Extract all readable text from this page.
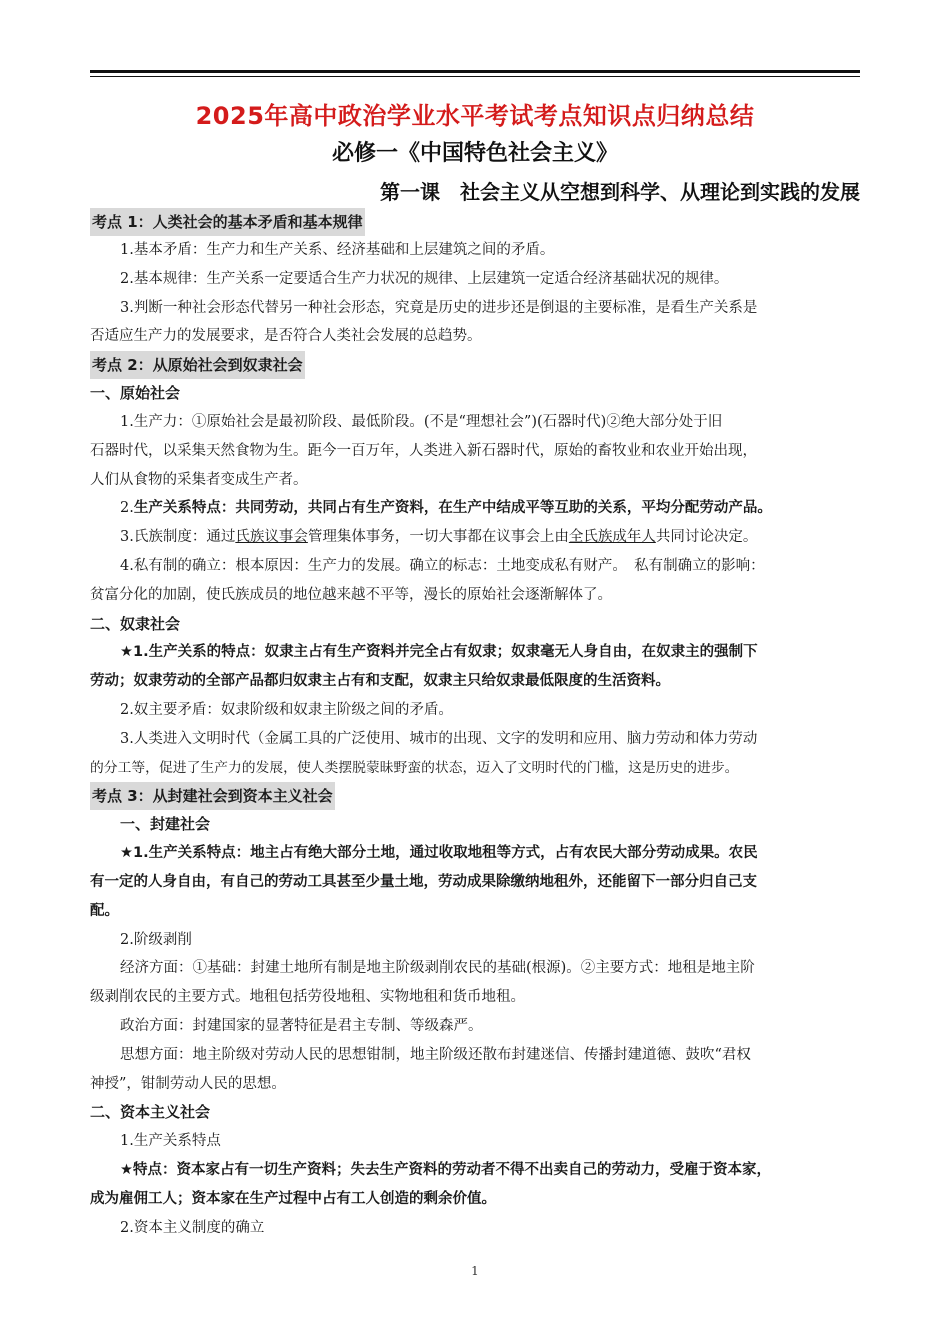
2025年高中政治学业水平考试考点知识点归纳总结
必修一《中国特色社会主义》
第一课　社会主义从空想到科学、从理论到实践的发展
考点 1：人类社会的基本矛盾和基本规律

1.基本矛盾：生产力和生产关系、经济基础和上层建筑之间的矛盾。

2.基本规律：生产关系一定要适合生产力状况的规律、上层建筑一定适合经济基础状况的规律。

3.判断一种社会形态代替另一种社会形态，究竟是历史的进步还是倒退的主要标准，是看生产关系是

否适应生产力的发展要求，是否符合人类社会发展的总趋势。

考点 2：从原始社会到奴隶社会

一、原始社会

1.生产力：①原始社会是最初阶段、最低阶段。(不是“理想社会”)(石器时代)②绝大部分处于旧

石器时代，以采集天然食物为生。距今一百万年，人类进入新石器时代，原始的畜牧业和农业开始出现，

人们从食物的采集者变成生产者。

2.生产关系特点：共同劳动，共同占有生产资料，在生产中结成平等互助的关系，平均分配劳动产品。

3.氏族制度：通过氏族议事会管理集体事务，一切大事都在议事会上由全氏族成年人共同讨论决定。

4.私有制的确立：根本原因：生产力的发展。确立的标志：土地变成私有财产。　私有制确立的影响：

贫富分化的加剧，使氏族成员的地位越来越不平等，漫长的原始社会逐渐解体了。

二、奴隶社会

★1.生产关系的特点：奴隶主占有生产资料并完全占有奴隶；奴隶毫无人身自由，在奴隶主的强制下

劳动；奴隶劳动的全部产品都归奴隶主占有和支配，奴隶主只给奴隶最低限度的生活资料。

2.奴主要矛盾：奴隶阶级和奴隶主阶级之间的矛盾。

3.人类进入文明时代（金属工具的广泛使用、城市的出现、文字的发明和应用、脑力劳动和体力劳动

的分工等，促进了生产力的发展，使人类摆脱蒙昧野蛮的状态，迈入了文明时代的门槛，这是历史的进步。

考点 3：从封建社会到资本主义社会

一、封建社会

★1.生产关系特点：地主占有绝大部分土地，通过收取地租等方式，占有农民大部分劳动成果。农民

有一定的人身自由，有自己的劳动工具甚至少量土地，劳动成果除缴纳地租外，还能留下一部分归自己支

配。

2.阶级剥削

经济方面：①基础：封建土地所有制是地主阶级剥削农民的基础(根源)。②主要方式：地租是地主阶

级剥削农民的主要方式。地租包括劳役地租、实物地租和货币地租。

政治方面：封建国家的显著特征是君主专制、等级森严。

思想方面：地主阶级对劳动人民的思想钳制，地主阶级还散布封建迷信、传播封建道德、鼓吹“君权

神授”，钳制劳动人民的思想。

二、资本主义社会

1.生产关系特点

★特点：资本家占有一切生产资料；失去生产资料的劳动者不得不出卖自己的劳动力，受雇于资本家，

成为雇佣工人；资本家在生产过程中占有工人创造的剩余价值。

2.资本主义制度的确立

1
